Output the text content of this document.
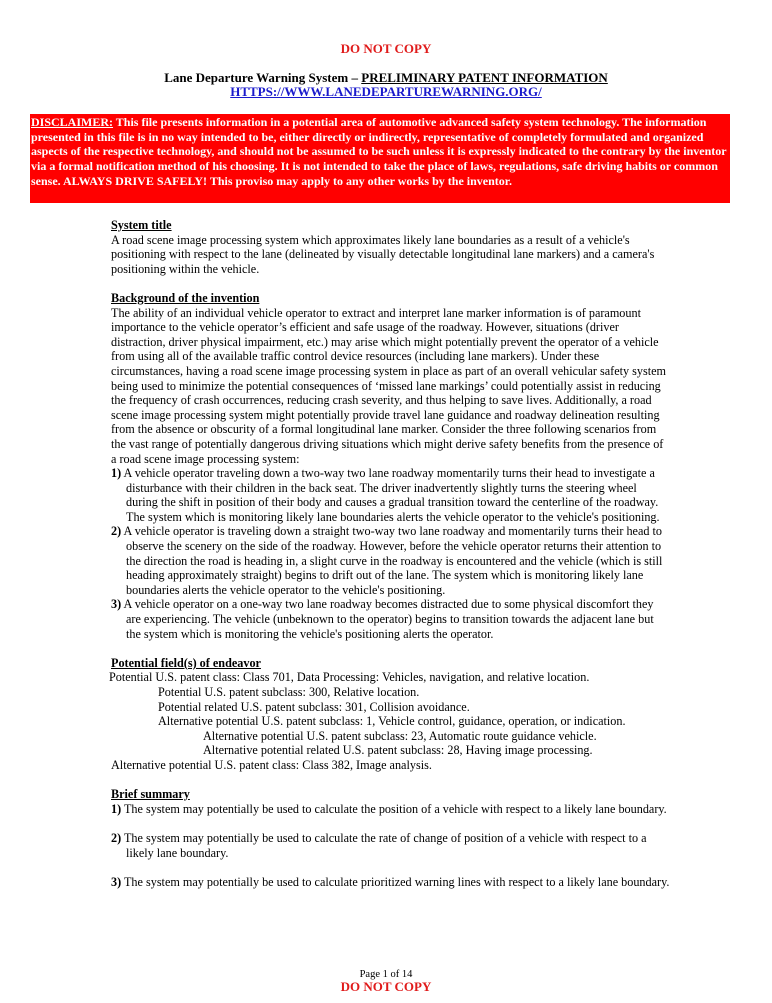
DO NOT COPY
Lane Departure Warning System – PRELIMINARY PATENT INFORMATION
HTTPS://WWW.LANEDEPARTUREWARNING.ORG/
DISCLAIMER: This file presents information in a potential area of automotive advanced safety system technology. The information presented in this file is in no way intended to be, either directly or indirectly, representative of completely formulated and organized aspects of the respective technology, and should not be assumed to be such unless it is expressly indicated to the contrary by the inventor via a formal notification method of his choosing. It is not intended to take the place of laws, regulations, safe driving habits or common sense. ALWAYS DRIVE SAFELY! This proviso may apply to any other works by the inventor.
System title

A road scene image processing system which approximates likely lane boundaries as a result of a vehicle's positioning with respect to the lane (delineated by visually detectable longitudinal lane markers) and a camera's positioning within the vehicle.

Background of the invention

The ability of an individual vehicle operator to extract and interpret lane marker information is of paramount importance to the vehicle operator’s efficient and safe usage of the roadway. However, situations (driver distraction, driver physical impairment, etc.) may arise which might potentially prevent the operator of a vehicle from using all of the available traffic control device resources (including lane markers). Under these circumstances, having a road scene image processing system in place as part of an overall vehicular safety system being used to minimize the potential consequences of ‘missed lane markings’ could potentially assist in reducing the frequency of crash occurrences, reducing crash severity, and thus helping to save lives. Additionally, a road scene image processing system might potentially provide travel lane guidance and roadway delineation resulting from the absence or obscurity of a formal longitudinal lane marker. Consider the three following scenarios from the vast range of potentially dangerous driving situations which might derive safety benefits from the presence of a road scene image processing system:

1) A vehicle operator traveling down a two-way two lane roadway momentarily turns their head to investigate a disturbance with their children in the back seat. The driver inadvertently slightly turns the steering wheel during the shift in position of their body and causes a gradual transition toward the centerline of the roadway. The system which is monitoring likely lane boundaries alerts the vehicle operator to the vehicle's positioning.

2) A vehicle operator is traveling down a straight two-way two lane roadway and momentarily turns their head to observe the scenery on the side of the roadway. However, before the vehicle operator returns their attention to the direction the road is heading in, a slight curve in the roadway is encountered and the vehicle (which is still heading approximately straight) begins to drift out of the lane. The system which is monitoring likely lane boundaries alerts the vehicle operator to the vehicle's positioning.

3) A vehicle operator on a one-way two lane roadway becomes distracted due to some physical discomfort they are experiencing. The vehicle (unbeknown to the operator) begins to transition towards the adjacent lane but the system which is monitoring the vehicle's positioning alerts the operator.

Potential field(s) of endeavor

Potential U.S. patent class: Class 701, Data Processing: Vehicles, navigation, and relative location.

Potential U.S. patent subclass: 300, Relative location.

Potential related U.S. patent subclass: 301, Collision avoidance.

Alternative potential U.S. patent subclass: 1, Vehicle control, guidance, operation, or indication.

Alternative potential U.S. patent subclass: 23, Automatic route guidance vehicle.

Alternative potential related U.S. patent subclass: 28, Having image processing.

Alternative potential U.S. patent class: Class 382, Image analysis.

Brief summary

1) The system may potentially be used to calculate the position of a vehicle with respect to a likely lane boundary.

2) The system may potentially be used to calculate the rate of change of position of a vehicle with respect to a likely lane boundary.

3) The system may potentially be used to calculate prioritized warning lines with respect to a likely lane boundary.

Page 1 of 14
DO NOT COPY
